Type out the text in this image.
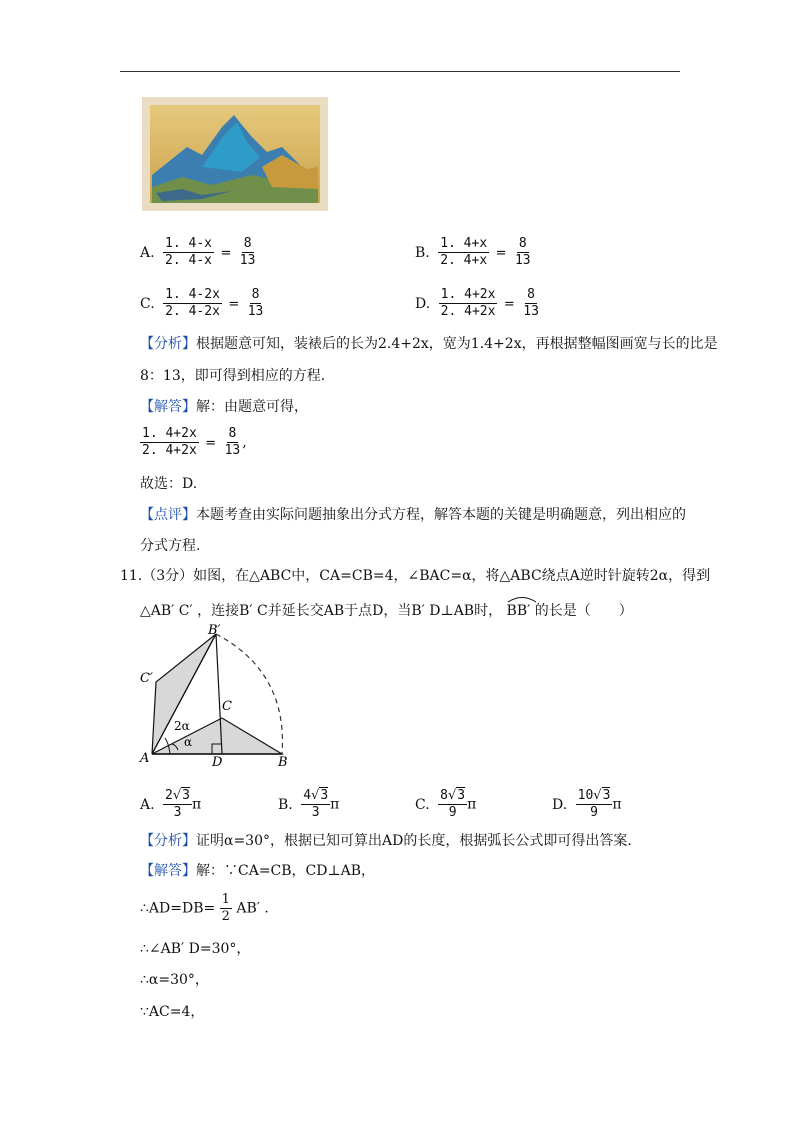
A. $\frac{1. 4-x}{2. 4-x} = \frac{8}{13}$	B. $\frac{1. 4+x}{2. 4+x} = \frac{8}{13}$
C. $\frac{1. 4-2x}{2. 4-2x} = \frac{8}{13}$	D. $\frac{1. 4+2x}{2. 4+2x} = \frac{8}{13}$
【分析】根据题意可知，装裱后的长为2.4+2x，宽为1.4+2x，再根据整幅图画宽与长的比是
8：13，即可得到相应的方程.
【解答】解：由题意可得，
$\frac{1. 4+2x}{2. 4+2x} = \frac{8}{13}$ ,
故选：D.
【点评】本题考查由实际问题抽象出分式方程，解答本题的关键是明确题意，列出相应的
分式方程.
11.（3分）如图，在△ABC中，CA=CB=4，∠BAC=α，将△ABC绕点A逆时针旋转2α，得到
△AB′ C′ ，连接B′ C并延长交AB于点D，当B′ D⊥AB时， BB′ 的长是（　　）
B′
C′
C
A	D	B
2α
α
A. $\frac{2√3}{3}$ π	B. $\frac{4√3}{3}$ π	C. $\frac{8√3}{9}$ π	D. $\frac{10√3}{9}$ π
【分析】证明α=30°，根据已知可算出AD的长度，根据弧长公式即可得出答案.
【解答】解：∵CA=CB，CD⊥AB，
∴AD=DB= $\frac{1}{2} AB'$ .
∴∠AB′ D=30°，
∴α=30°，
∵AC=4，
